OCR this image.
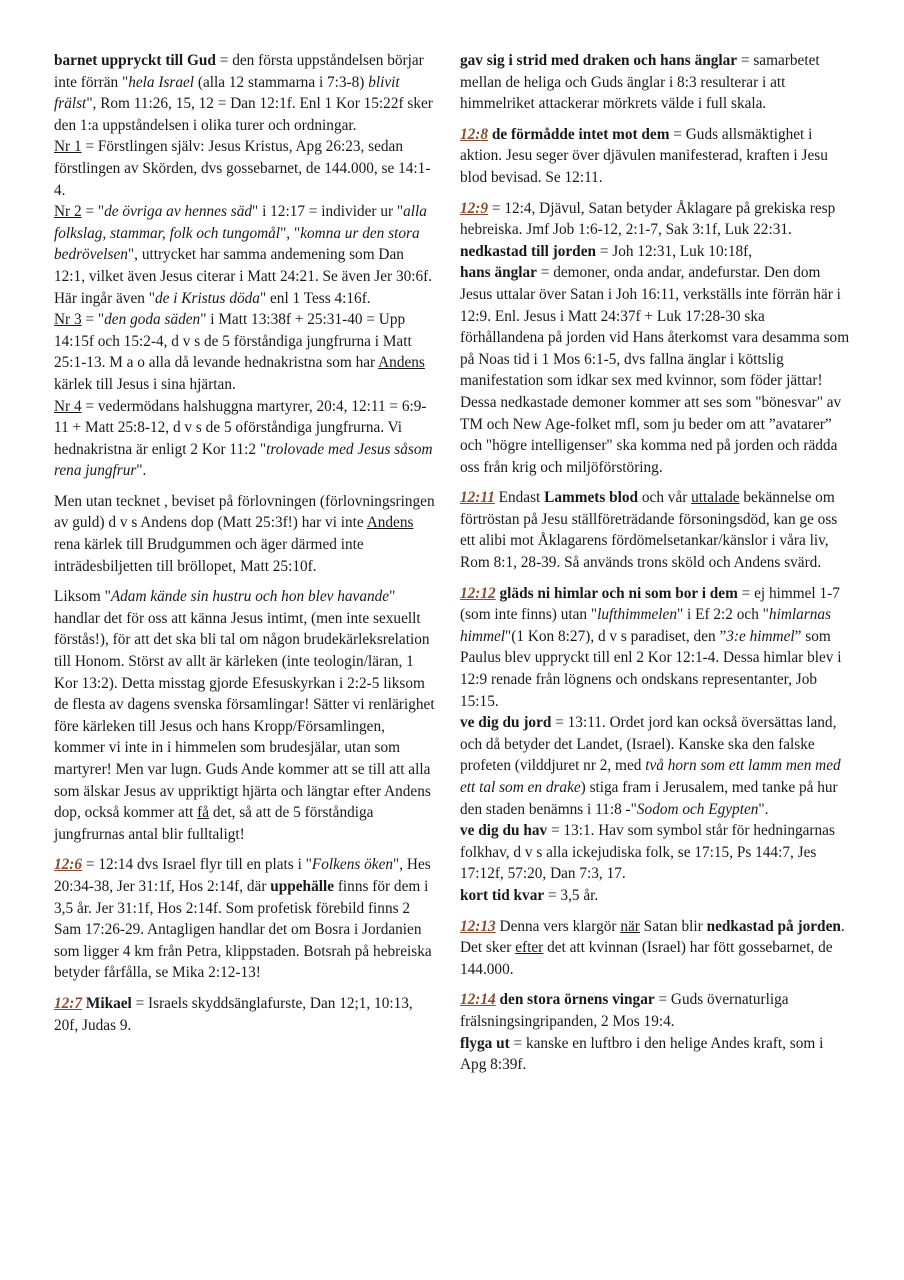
barnet uppryckt till Gud = den första uppståndelsen börjar inte förrän "hela Israel (alla 12 stammarna i 7:3-8) blivit frälst", Rom 11:26, 15, 12 = Dan 12:1f. Enl 1 Kor 15:22f sker den 1:a uppståndelsen i olika turer och ordningar.

Nr 1 = Förstlingen själv: Jesus Kristus, Apg 26:23, sedan förstlingen av Skörden, dvs gossebarnet, de 144.000, se 14:1-4.

Nr 2 = "de övriga av hennes säd" i 12:17 = individer ur "alla folkslag, stammar, folk och tungomål", "komna ur den stora bedrövelsen", uttrycket har samma andemening som Dan 12:1, vilket även Jesus citerar i Matt 24:21. Se även Jer 30:6f.

Här ingår även "de i Kristus döda" enl 1 Tess 4:16f.

Nr 3 = "den goda säden" i Matt 13:38f + 25:31-40 = Upp 14:15f och 15:2-4, d v s de 5 förståndiga jungfrurna i Matt 25:1-13. M a o alla då levande hednakristna som har Andens kärlek till Jesus i sina hjärtan.

Nr 4 = vedermödans halshuggna martyrer, 20:4, 12:11 = 6:9-11 + Matt 25:8-12, d v s de 5 oförståndiga jungfrurna. Vi hednakristna är enligt 2 Kor 11:2 "trolovade med Jesus såsom rena jungfrur".

Men utan tecknet , beviset på förlovningen (förlovningsringen av guld) d v s Andens dop (Matt 25:3f!) har vi inte Andens rena kärlek till Brudgummen och äger därmed inte inträdesbiljetten till bröllopet, Matt 25:10f.

Liksom "Adam kände sin hustru och hon blev havande" handlar det för oss att känna Jesus intimt, (men inte sexuellt förstås!), för att det ska bli tal om någon brudekärleksrelation till Honom. Störst av allt är kärleken (inte teologin/läran, 1 Kor 13:2). Detta misstag gjorde Efesuskyrkan i 2:2-5 liksom de flesta av dagens svenska församlingar! Sätter vi renlärighet före kärleken till Jesus och hans Kropp/Församlingen, kommer vi inte in i himmelen som brudesjälar, utan som martyrer! Men var lugn. Guds Ande kommer att se till att alla som älskar Jesus av uppriktigt hjärta och längtar efter Andens dop, också kommer att få det, så att de 5 förståndiga jungfrurnas antal blir fulltaligt!

12:6 = 12:14 dvs Israel flyr till en plats i "Folkens öken", Hes 20:34-38, Jer 31:1f, Hos 2:14f, där uppehälle finns för dem i 3,5 år. Jer 31:1f, Hos 2:14f. Som profetisk förebild finns 2 Sam 17:26-29. Antagligen handlar det om Bosra i Jordanien som ligger 4 km från Petra, klippstaden. Botsrah på hebreiska betyder fårfålla, se Mika 2:12-13!

12:7 Mikael = Israels skyddsänglafurste, Dan 12;1, 10:13, 20f, Judas 9.

gav sig i strid med draken och hans änglar = samarbetet mellan de heliga och Guds änglar i 8:3 resulterar i att himmelriket attackerar mörkrets välde i full skala.

12:8 de förmådde intet mot dem = Guds allsmäktighet i aktion. Jesu seger över djävulen manifesterad, kraften i Jesu blod bevisad. Se 12:11.

12:9 = 12:4, Djävul, Satan betyder Åklagare på grekiska resp hebreiska. Jmf Job 1:6-12, 2:1-7, Sak 3:1f, Luk 22:31.

nedkastad till jorden = Joh 12:31, Luk 10:18f,

hans änglar = demoner, onda andar, andefurstar. Den dom Jesus uttalar över Satan i Joh 16:11, verkställs inte förrän här i 12:9. Enl. Jesus i Matt 24:37f + Luk 17:28-30 ska förhållandena på jorden vid Hans återkomst vara desamma som på Noas tid i 1 Mos 6:1-5, dvs fallna änglar i köttslig manifestation som idkar sex med kvinnor, som föder jättar! Dessa nedkastade demoner kommer att ses som "bönesvar" av TM och New Age-folket mfl, som ju beder om att ”avatarer” och "högre intelligenser" ska komma ned på jorden och rädda oss från krig och miljöförstöring.

12:11 Endast Lammets blod och vår uttalade bekännelse om förtröstan på Jesu ställföreträdande försoningsdöd, kan ge oss ett alibi mot Åklagarens fördömelsetankar/känslor i våra liv, Rom 8:1, 28-39. Så används trons sköld och Andens svärd.

12:12 gläds ni himlar och ni som bor i dem = ej himmel 1-7 (som inte finns) utan "lufthimmelen" i Ef 2:2 och "himlarnas himmel"(1 Kon 8:27), d v s paradiset, den ”3:e himmel” som Paulus blev uppryckt till enl 2 Kor 12:1-4. Dessa himlar blev i 12:9 renade från lögnens och ondskans representanter, Job 15:15.

ve dig du jord = 13:11. Ordet jord kan också översättas land, och då betyder det Landet, (Israel). Kanske ska den falske profeten (vilddjuret nr 2, med två horn som ett lamm men med ett tal som en drake) stiga fram i Jerusalem, med tanke på hur den staden benämns i 11:8 -"Sodom och Egypten".

ve dig du hav = 13:1. Hav som symbol står för hedningarnas folkhav, d v s alla ickejudiska folk, se 17:15, Ps 144:7, Jes 17:12f, 57:20, Dan 7:3, 17.

kort tid kvar = 3,5 år.

12:13 Denna vers klargör när Satan blir nedkastad på jorden. Det sker efter det att kvinnan (Israel) har fött gossebarnet, de 144.000.

12:14 den stora örnens vingar = Guds övernaturliga frälsningsingripanden, 2 Mos 19:4.

flyga ut = kanske en luftbro i den helige Andes kraft, som i Apg 8:39f.
